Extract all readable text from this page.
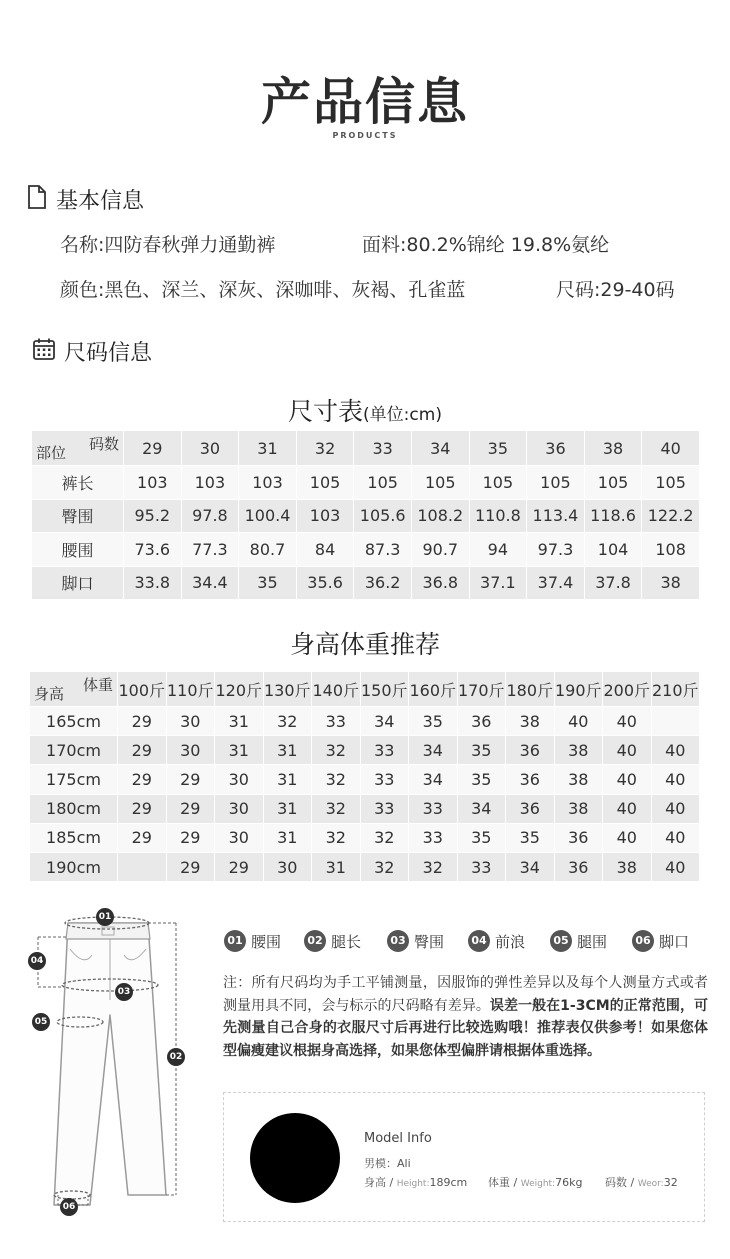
产品信息
PRODUCTS
基本信息
名称:四防春秋弹力通勤裤	面料:80.2%锦纶 19.8%氨纶
颜色:黑色、深兰、深灰、深咖啡、灰褐、孔雀蓝	尺码:29-40码
尺码信息
尺寸表(单位:cm)
码数
部位	29	30	31	32	33	34	35	36	38	40
裤长	103	103	103	105	105	105	105	105	105	105
臀围	95.2	97.8	100.4	103	105.6	108.2	110.8	113.4	118.6	122.2
腰围	73.6	77.3	80.7	84	87.3	90.7	94	97.3	104	108
脚口	33.8	34.4	35	35.6	36.2	36.8	37.1	37.4	37.8	38
身高体重推荐
体重
身高	100斤	110斤	120斤	130斤	140斤	150斤	160斤	170斤	180斤	190斤	200斤	210斤
165cm	29	30	31	32	33	34	35	36	38	40	40	
170cm	29	30	31	31	32	33	34	35	36	38	40	40
175cm	29	29	30	31	32	33	34	35	36	38	40	40
180cm	29	29	30	31	32	33	33	34	36	38	40	40
185cm	29	29	30	31	32	32	33	35	35	36	40	40
190cm		29	29	30	31	32	32	33	34	36	38	40
01
04
03
05
02
06
01 腰围	02 腿长	03 臀围	04 前浪	05 腿围	06 脚口
注：所有尺码均为手工平铺测量，因服饰的弹性差异以及每个人测量方式或者测量用具不同，会与标示的尺码略有差异。误差一般在1-3CM的正常范围，可先测量自己合身的衣服尺寸后再进行比较选购哦！推荐表仅供参考！如果您体型偏瘦建议根据身高选择，如果您体型偏胖请根据体重选择。
Model Info
男模：Ali
身高 / Height:189cm 体重 / Weight:76kg 码数 / Weor:32
